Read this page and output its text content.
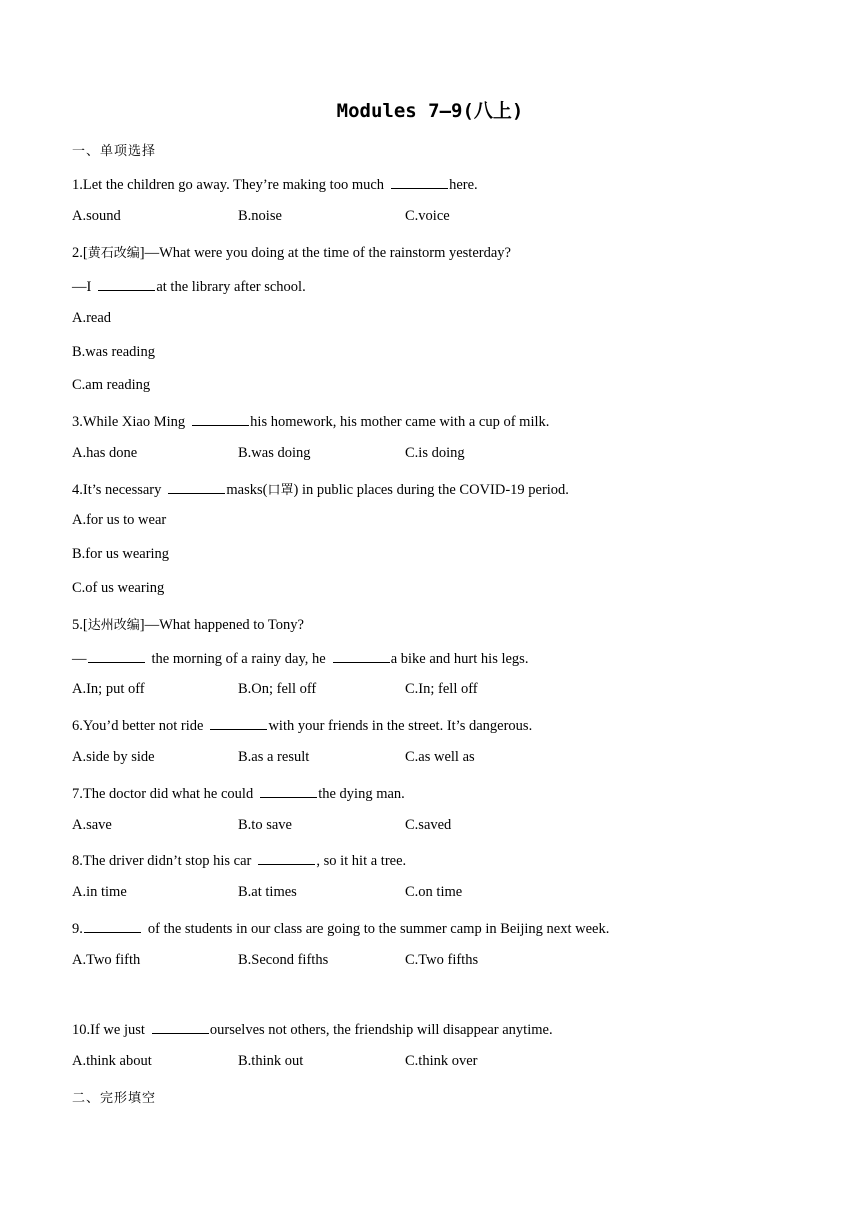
Modules 7—9(八上)
一、单项选择
1.Let the children go away. They’re making too much	here.
A.sound	B.noise	C.voice
2.[黄石改编]—What were you doing at the time of the rainstorm yesterday?
—I	at the library after school.
A.read
B.was reading
C.am reading
3.While Xiao Ming	his homework, his mother came with a cup of milk.
A.has done	B.was doing	C.is doing
4.It’s necessary	masks(口罩) in public places during the COVID-19 period.
A.for us to wear
B.for us wearing
C.of us wearing
5.[达州改编]—What happened to Tony?
—	the morning of a rainy day, he	a bike and hurt his legs.
A.In; put off	B.On; fell off	C.In; fell off
6.You’d better not ride	with your friends in the street. It’s dangerous.
A.side by side	B.as a result	C.as well as
7.The doctor did what he could	the dying man.
A.save	B.to save	C.saved
8.The driver didn’t stop his car	, so it hit a tree.
A.in time	B.at times	C.on time
9.	of the students in our class are going to the summer camp in Beijing next week.
A.Two fifth	B.Second fifths	C.Two fifths
10.If we just	ourselves not others, the friendship will disappear anytime.
A.think about	B.think out	C.think over
二、完形填空
